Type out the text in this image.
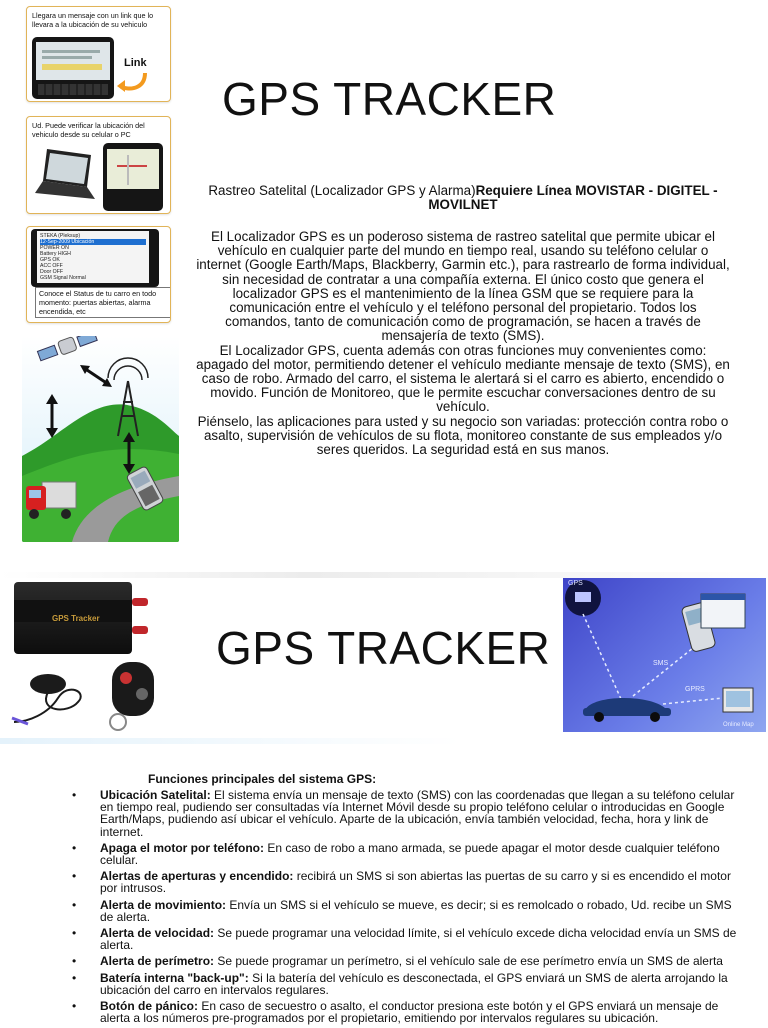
Llegara un mensaje con un link que lo llevara a la ubicación de su vehiculo
Link
Ud. Puede verificar la ubicación del vehiculo desde su celular o PC
STEKA (Pleksup)
12-Sep-2009 Ubicación
POWER ON
Battery HIGH
GPS OK
ACC OFF
Door OFF
GSM Signal Normal
Conoce el Status de tu carro en todo momento: puertas abiertas, alarma encendida, etc
GPS TRACKER
Rastreo Satelital (Localizador GPS y Alarma)Requiere Línea MOVISTAR - DIGITEL - MOVILNET

El Localizador GPS es un poderoso sistema de rastreo satelital que permite ubicar el vehículo en cualquier parte del mundo en tiempo real, usando su teléfono celular o internet (Google Earth/Maps, Blackberry, Garmin etc.), para rastrearlo de forma individual, sin necesidad de contratar a una compañía externa. El único costo que genera el localizador GPS es el mantenimiento de la línea GSM que se requiere para la comunicación entre el vehículo y el teléfono personal del propietario. Todos los comandos, tanto de comunicación como de programación, se hacen a través de mensajería de texto (SMS).

El Localizador GPS, cuenta además con otras funciones muy convenientes como: apagado del motor, permitiendo detener el vehículo mediante mensaje de texto (SMS), en caso de robo. Armado del carro, el sistema le alertará si el carro es abierto, encendido o movido. Función de Monitoreo, que le permite escuchar conversaciones dentro de su vehículo.

Piénselo, las aplicaciones para usted y su negocio son variadas: protección contra robo o asalto, supervisión de vehículos de su flota, monitoreo constante de sus empleados y/o seres queridos. La seguridad está en sus manos.

GPS Tracker
GPS TRACKER
GPS
SMS
GPRS
Online Map
Funciones principales del sistema GPS:
• Ubicación Satelital: El sistema envía un mensaje de texto (SMS) con las coordenadas que llegan a su teléfono celular en tiempo real, pudiendo ser consultadas vía Internet Móvil desde su propio teléfono celular o introducidas en Google Earth/Maps, pudiendo así ubicar el vehículo. Aparte de la ubicación, envía también velocidad, fecha, hora y link de internet.
• Apaga el motor por teléfono: En caso de robo a mano armada, se puede apagar el motor desde cualquier teléfono celular.
• Alertas de aperturas y encendido: recibirá un SMS si son abiertas las puertas de su carro y si es encendido el motor por intrusos.
• Alerta de movimiento: Envía un SMS si el vehículo se mueve, es decir; si es remolcado o robado, Ud. recibe un SMS de alerta.
• Alerta de velocidad: Se puede programar una velocidad límite, si el vehículo excede dicha velocidad envía un SMS de alerta.
• Alerta de perímetro: Se puede programar un perímetro, si el vehículo sale de ese perímetro envía un SMS de alerta
• Batería interna "back-up": Si la batería del vehículo es desconectada, el GPS enviará un SMS de alerta arrojando la ubicación del carro en intervalos regulares.
• Botón de pánico: En caso de secuestro o asalto, el conductor presiona este botón y el GPS enviará un mensaje de alerta a los números pre-programados por el propietario, emitiendo por intervalos regulares su ubicación.
